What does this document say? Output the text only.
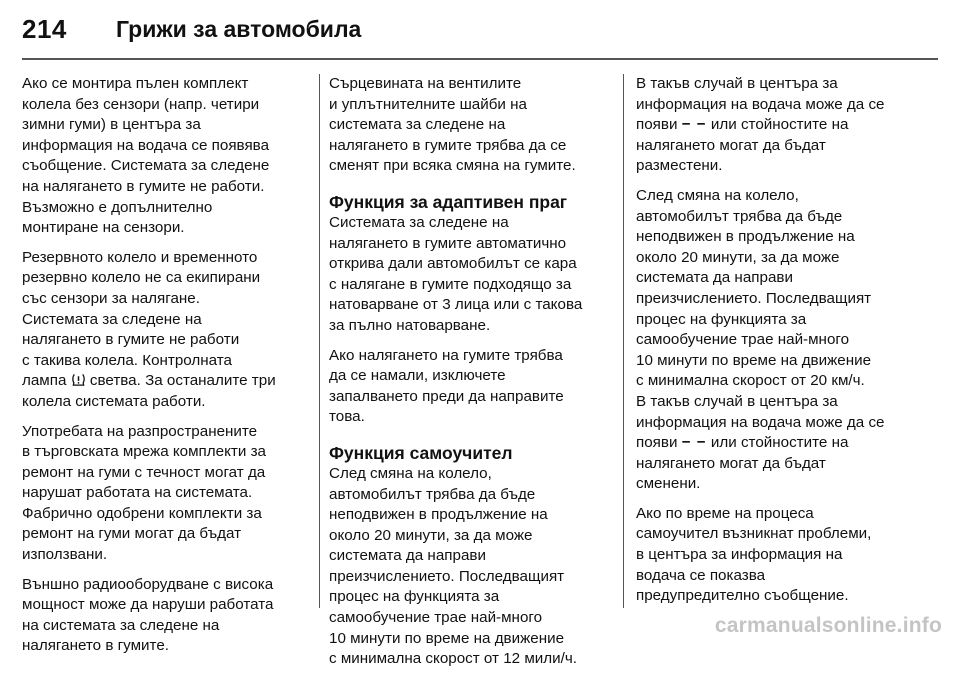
214 Грижи за автомобила

Ако се монтира пълен комплект
колела без сензори (напр. четири
зимни гуми) в центъра за
информация на водача се появява
съобщение. Системата за следене
на налягането в гумите не работи.
Възможно е допълнително
монтиране на сензори.

Резервното колело и временното
резервно колело не са екипирани
със сензори за налягане.
Системата за следене на
налягането в гумите не работи
с такива колела. Контролната
лампа светва. За останалите три
колела системата работи.

Употребата на разпространените
в търговската мрежа комплекти за
ремонт на гуми с течност могат да
нарушат работата на системата.
Фабрично одобрени комплекти за
ремонт на гуми могат да бъдат
използвани.

Външно радиооборудване с висока
мощност може да наруши работата
на системата за следене на
налягането в гумите.

Сърцевината на вентилите
и уплътнителните шайби на
системата за следене на
налягането в гумите трябва да се
сменят при всяка смяна на гумите.

Функция за адаптивен праг

Системата за следене на
налягането в гумите автоматично
открива дали автомобилът се кара
с налягане в гумите подходящо за
натоварване от 3 лица или с такова
за пълно натоварване.

Ако налягането на гумите трябва
да се намали, изключете
запалването преди да направите
това.

Функция самоучител

След смяна на колело,
автомобилът трябва да бъде
неподвижен в продължение на
около 20 минути, за да може
системата да направи
преизчислението. Последващият
процес на функцията за
самообучение трае най-много
10 минути по време на движение
с минимална скорост от 12 мили/ч.

В такъв случай в центъра за
информация на водача може да се
появи − − или стойностите на
налягането могат да бъдат
разместени.

След смяна на колело,
автомобилът трябва да бъде
неподвижен в продължение на
около 20 минути, за да може
системата да направи
преизчислението. Последващият
процес на функцията за
самообучение трае най-много
10 минути по време на движение
с минимална скорост от 20 км/ч.
В такъв случай в центъра за
информация на водача може да се
появи − − или стойностите на
налягането могат да бъдат
сменени.

Ако по време на процеса
самоучител възникнат проблеми,
в центъра за информация на
водача се показва
предупредително съобщение.

carmanualsonline.info
